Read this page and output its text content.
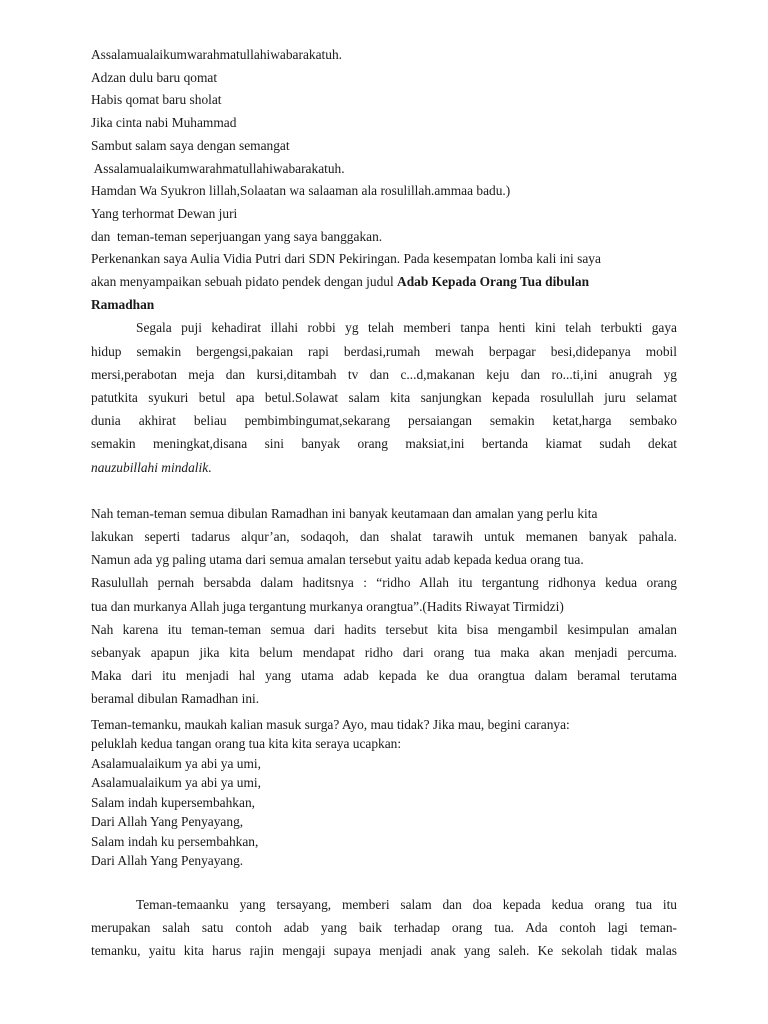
Assalamualaikumwarahmatullahiwabarakatuh.
Adzan dulu baru qomat
Habis qomat baru sholat
Jika cinta nabi Muhammad
Sambut salam saya dengan semangat
Assalamualaikumwarahmatullahiwabarakatuh.
Hamdan Wa Syukron lillah,Solaatan wa salaaman ala rosulillah.ammaa badu.)
Yang terhormat Dewan juri
dan  teman-teman seperjuangan yang saya banggakan.
Perkenankan saya Aulia Vidia Putri dari SDN Pekiringan. Pada kesempatan lomba kali ini saya
akan menyampaikan sebuah pidato pendek dengan judul Adab Kepada Orang Tua dibulan
Ramadhan
Segala puji kehadirat illahi robbi yg telah memberi tanpa henti kini telah terbukti gaya
hidup semakin bergengsi,pakaian rapi berdasi,rumah mewah berpagar besi,didepanya mobil
mersi,perabotan meja dan kursi,ditambah tv dan c...d,makanan keju dan ro...ti,ini anugrah yg
patutkita syukuri betul apa betul.Solawat salam kita sanjungkan kepada rosulullah juru selamat
dunia akhirat beliau pembimbingumat,sekarang persaiangan semakin ketat,harga sembako
semakin meningkat,disana sini banyak orang maksiat,ini bertanda kiamat sudah dekat
nauzubillahi mindalik.
Nah teman-teman semua dibulan Ramadhan ini banyak keutamaan dan amalan yang perlu kita
lakukan seperti tadarus alqur’an, sodaqoh, dan shalat tarawih untuk memanen banyak pahala.
Namun ada yg paling utama dari semua amalan tersebut yaitu adab kepada kedua orang tua.
Rasulullah pernah bersabda dalam haditsnya : “ridho Allah itu tergantung ridhonya kedua orang
tua dan murkanya Allah juga tergantung murkanya orangtua”.(Hadits Riwayat Tirmidzi)
Nah karena itu teman-teman semua dari hadits tersebut kita bisa mengambil kesimpulan amalan
sebanyak apapun jika kita belum mendapat ridho dari orang tua maka akan menjadi percuma.
Maka dari itu menjadi hal yang utama adab kepada ke dua orangtua dalam beramal terutama
beramal dibulan Ramadhan ini.
Teman-temanku, maukah kalian masuk surga? Ayo, mau tidak? Jika mau, begini caranya:
peluklah kedua tangan orang tua kita kita seraya ucapkan:
Asalamualaikum ya abi ya umi,
Asalamualaikum ya abi ya umi,
Salam indah kupersembahkan,
Dari Allah Yang Penyayang,
Salam indah ku persembahkan,
Dari Allah Yang Penyayang.
Teman-temaanku yang tersayang, memberi salam dan doa kepada kedua orang tua itu
merupakan salah satu contoh adab yang baik terhadap orang tua. Ada contoh lagi teman-
temanku, yaitu kita harus rajin mengaji supaya menjadi anak yang saleh. Ke sekolah tidak malas
